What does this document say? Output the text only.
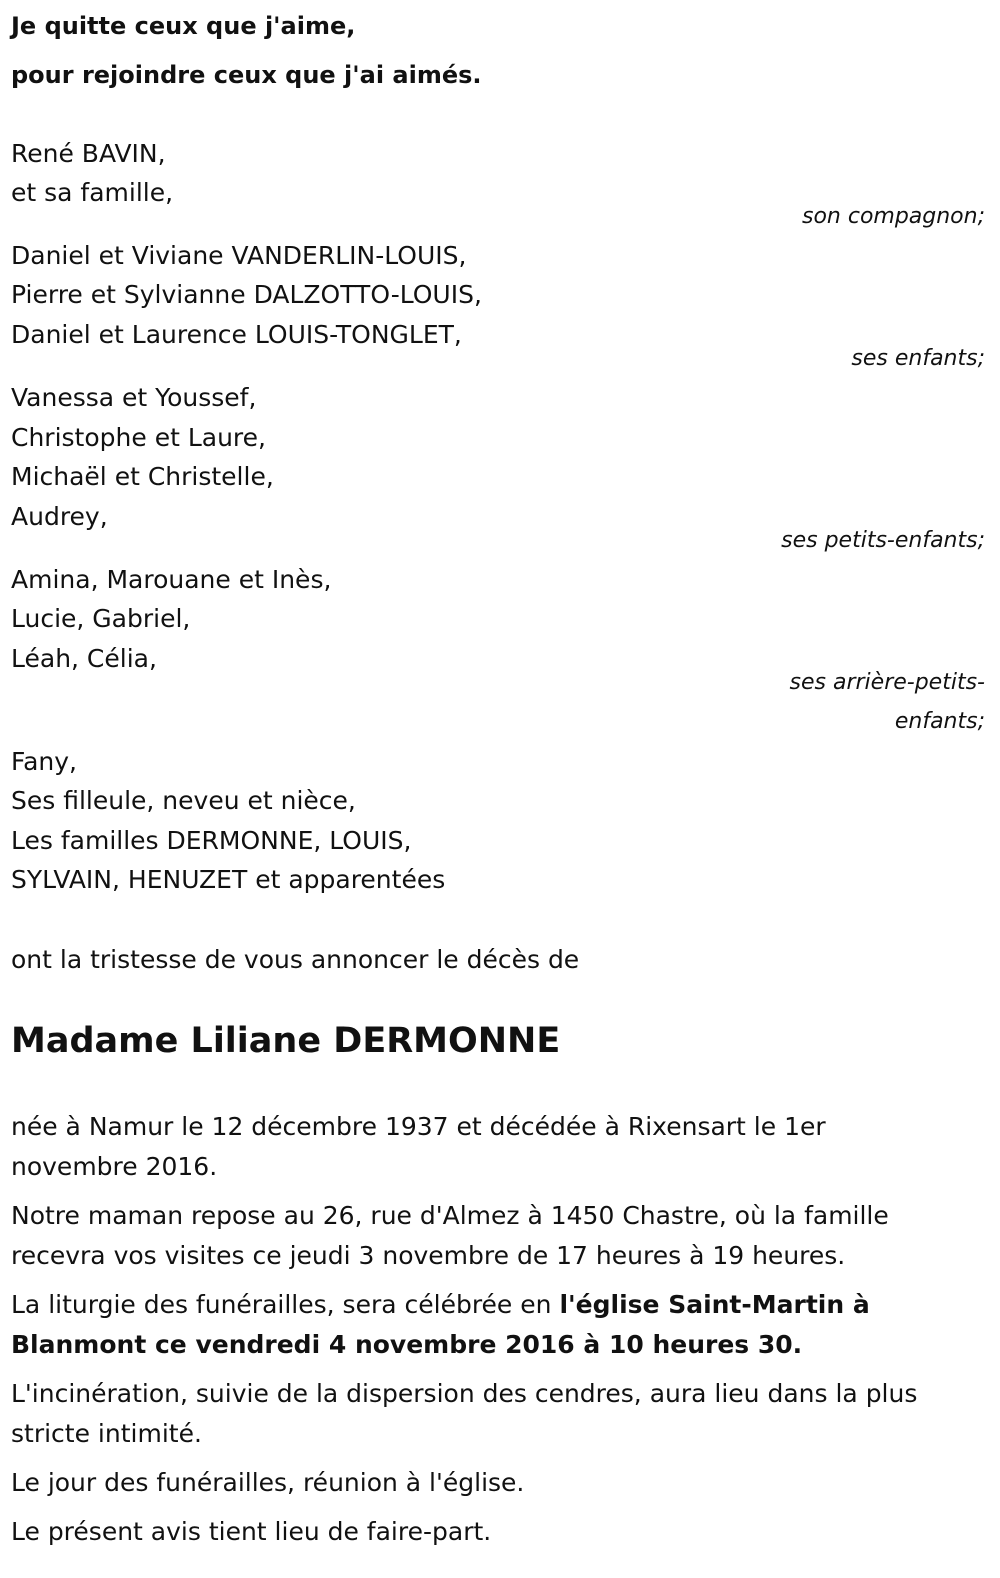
Je quitte ceux que j'aime,
pour rejoindre ceux que j'ai aimés.
René BAVIN,
et sa famille,
son compagnon;
Daniel et Viviane VANDERLIN-LOUIS,
Pierre et Sylvianne DALZOTTO-LOUIS,
Daniel et Laurence LOUIS-TONGLET,
ses enfants;
Vanessa et Youssef,
Christophe et Laure,
Michaël et Christelle,
Audrey,
ses petits-enfants;
Amina, Marouane et Inès,
Lucie, Gabriel,
Léah, Célia,
ses arrière-petits-
enfants;
Fany,
Ses filleule, neveu et nièce,
Les familles DERMONNE, LOUIS,
SYLVAIN, HENUZET et apparentées
ont la tristesse de vous annoncer le décès de
Madame Liliane DERMONNE
née à Namur le 12 décembre 1937 et décédée à Rixensart le 1er
novembre 2016.
Notre maman repose au 26, rue d'Almez à 1450 Chastre, où la famille
recevra vos visites ce jeudi 3 novembre de 17 heures à 19 heures.
La liturgie des funérailles, sera célébrée en l'église Saint-Martin à
Blanmont ce vendredi 4 novembre 2016 à 10 heures 30.
L'incinération, suivie de la dispersion des cendres, aura lieu dans la plus
stricte intimité.
Le jour des funérailles, réunion à l'église.
Le présent avis tient lieu de faire-part.
